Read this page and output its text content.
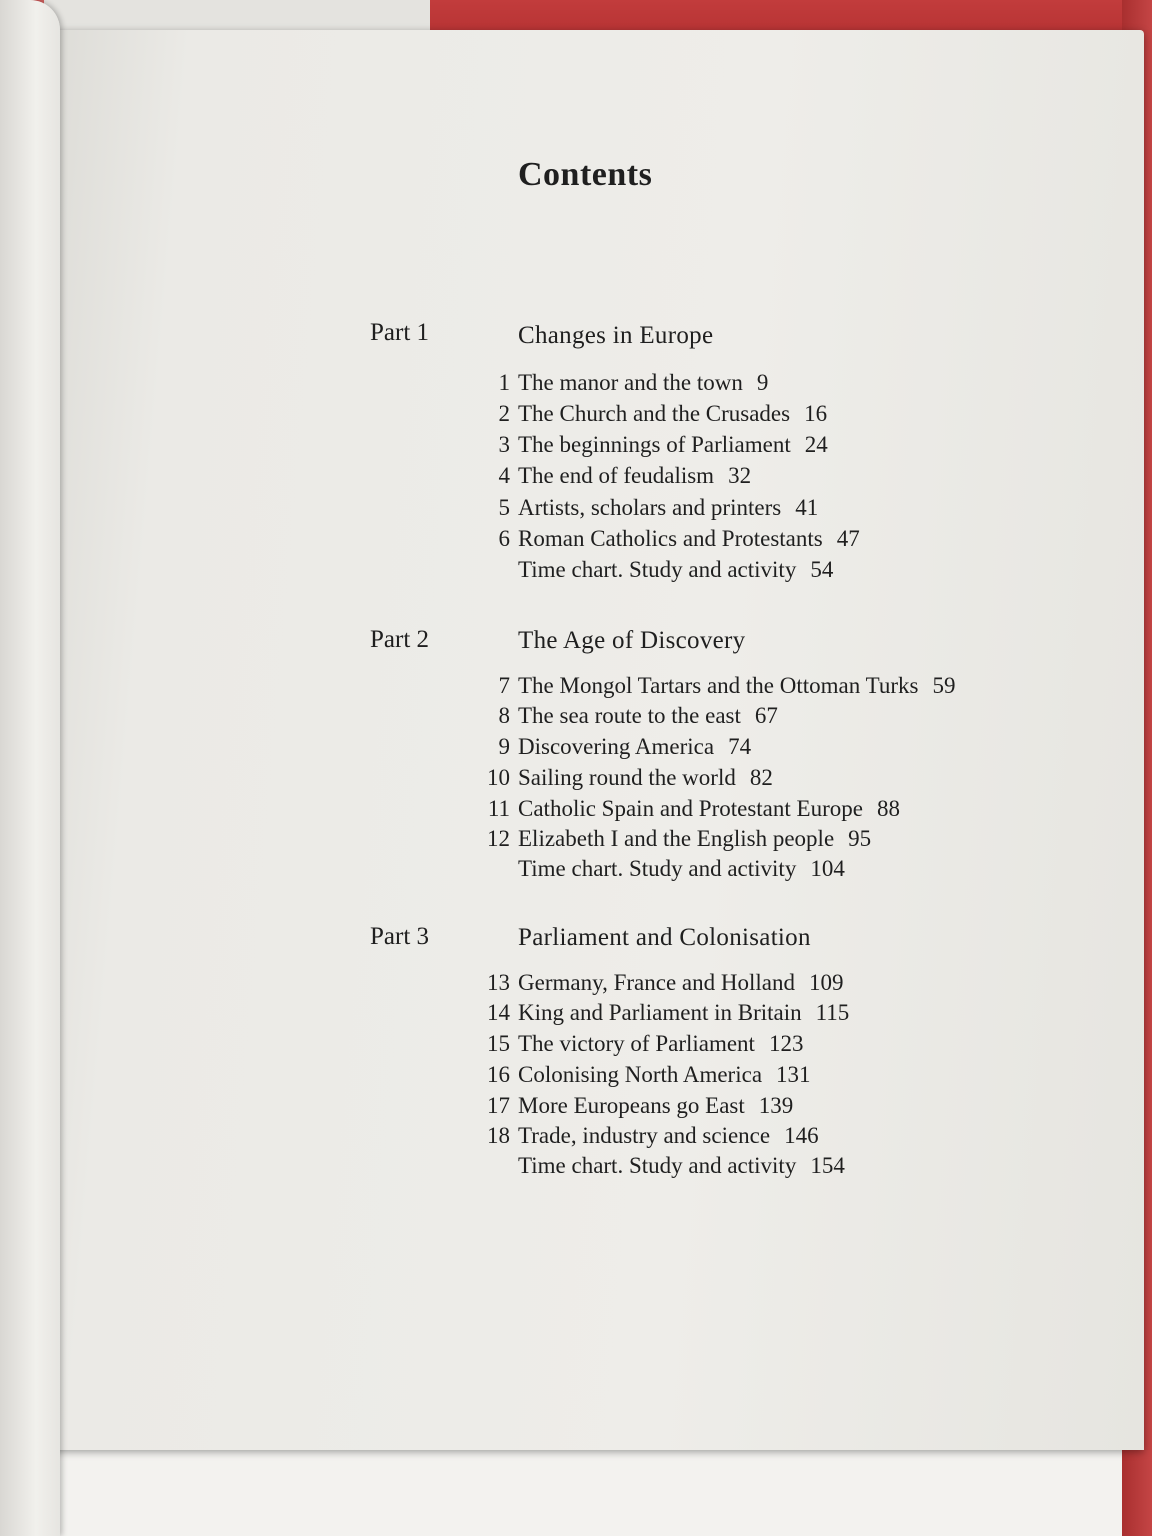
Contents
Part 1	Changes in Europe
1 The manor and the town 9
2 The Church and the Crusades 16
3 The beginnings of Parliament 24
4 The end of feudalism 32
5 Artists, scholars and printers 41
6 Roman Catholics and Protestants 47
Time chart. Study and activity 54
Part 2	The Age of Discovery
7 The Mongol Tartars and the Ottoman Turks 59
8 The sea route to the east 67
9 Discovering America 74
10 Sailing round the world 82
11 Catholic Spain and Protestant Europe 88
12 Elizabeth I and the English people 95
Time chart. Study and activity 104
Part 3	Parliament and Colonisation
13 Germany, France and Holland 109
14 King and Parliament in Britain 115
15 The victory of Parliament 123
16 Colonising North America 131
17 More Europeans go East 139
18 Trade, industry and science 146
Time chart. Study and activity 154
